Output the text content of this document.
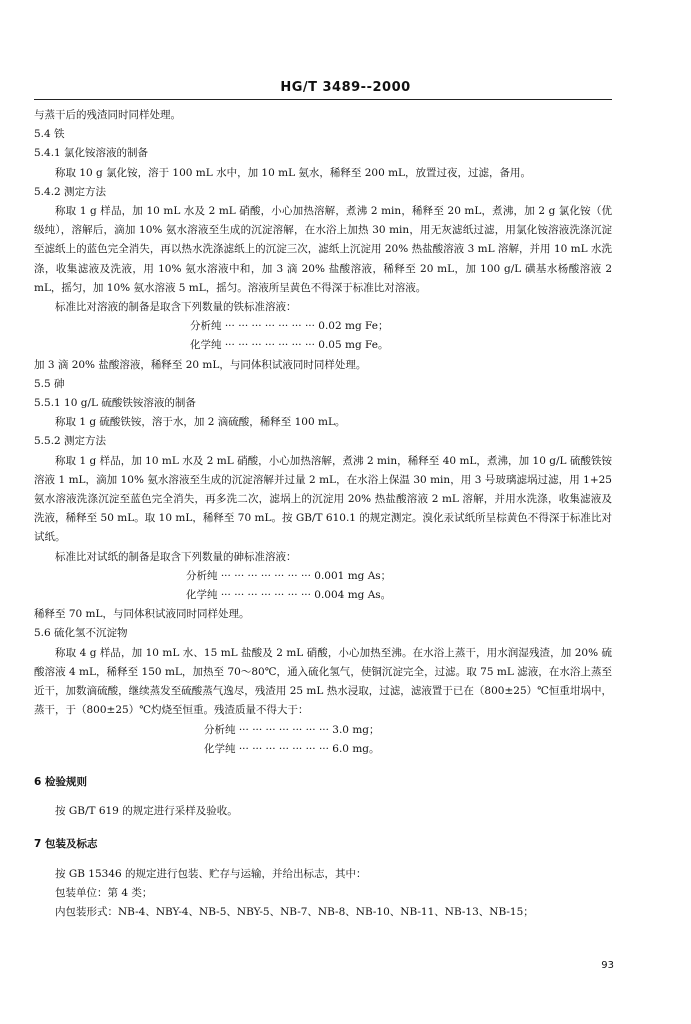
HG/T 3489--2000

与蒸干后的残渣同时同样处理。

5.4 铁

5.4.1 氯化铵溶液的制备

称取 10 g 氯化铵，溶于 100 mL 水中，加 10 mL 氨水，稀释至 200 mL，放置过夜，过滤，备用。

5.4.2 测定方法

称取 1 g 样品，加 10 mL 水及 2 mL 硝酸，小心加热溶解，煮沸 2 min，稀释至 20 mL，煮沸，加 2 g 氯化铵（优级纯），溶解后，滴加 10% 氨水溶液至生成的沉淀溶解，在水浴上加热 30 min，用无灰滤纸过滤，用氯化铵溶液洗涤沉淀至滤纸上的蓝色完全消失，再以热水洗涤滤纸上的沉淀三次，滤纸上沉淀用 20% 热盐酸溶液 3 mL 溶解，并用 10 mL 水洗涤，收集滤液及洗液，用 10% 氨水溶液中和，加 3 滴 20% 盐酸溶液，稀释至 20 mL，加 100 g/L 磺基水杨酸溶液 2 mL，摇匀，加 10% 氨水溶液 5 mL，摇匀。溶液所呈黄色不得深于标准比对溶液。

标准比对溶液的制备是取含下列数量的铁标准溶液：

分析纯 ··· ··· ··· ··· ··· ··· ··· 0.02 mg Fe；

化学纯 ··· ··· ··· ··· ··· ··· ··· 0.05 mg Fe。

加 3 滴 20% 盐酸溶液，稀释至 20 mL，与同体积试液同时同样处理。

5.5 砷

5.5.1 10 g/L 硫酸铁铵溶液的制备

称取 1 g 硫酸铁铵，溶于水，加 2 滴硫酸，稀释至 100 mL。

5.5.2 测定方法

称取 1 g 样品，加 10 mL 水及 2 mL 硝酸，小心加热溶解，煮沸 2 min，稀释至 40 mL，煮沸，加 10 g/L 硫酸铁铵溶液 1 mL，滴加 10% 氨水溶液至生成的沉淀溶解并过量 2 mL，在水浴上保温 30 min，用 3 号玻璃滤埚过滤，用 1+25 氨水溶液洗涤沉淀至蓝色完全消失，再多洗二次，滤埚上的沉淀用 20% 热盐酸溶液 2 mL 溶解，并用水洗涤，收集滤液及洗液，稀释至 50 mL。取 10 mL，稀释至 70 mL。按 GB/T 610.1 的规定测定。溴化汞试纸所呈棕黄色不得深于标准比对试纸。

标准比对试纸的制备是取含下列数量的砷标准溶液：

分析纯 ··· ··· ··· ··· ··· ··· ··· 0.001 mg As；

化学纯 ··· ··· ··· ··· ··· ··· ··· 0.004 mg As。

稀释至 70 mL，与同体积试液同时同样处理。

5.6 硫化氢不沉淀物

称取 4 g 样品，加 10 mL 水、15 mL 盐酸及 2 mL 硝酸，小心加热至沸。在水浴上蒸干，用水润湿残渣，加 20% 硫酸溶液 4 mL，稀释至 150 mL，加热至 70～80℃，通入硫化氢气，使铜沉淀完全，过滤。取 75 mL 滤液，在水浴上蒸至近干，加数滴硫酸，继续蒸发至硫酸蒸气逸尽，残渣用 25 mL 热水浸取，过滤，滤液置于已在（800±25）℃恒重坩埚中，蒸干，于（800±25）℃灼烧至恒重。残渣质量不得大于：

分析纯 ··· ··· ··· ··· ··· ··· ··· 3.0 mg；

化学纯 ··· ··· ··· ··· ··· ··· ··· 6.0 mg。

6 检验规则

按 GB/T 619 的规定进行采样及验收。

7 包装及标志

按 GB 15346 的规定进行包装、贮存与运输，并给出标志，其中：

包装单位：第 4 类；

内包装形式：NB-4、NBY-4、NB-5、NBY-5、NB-7、NB-8、NB-10、NB-11、NB-13、NB-15；

93
